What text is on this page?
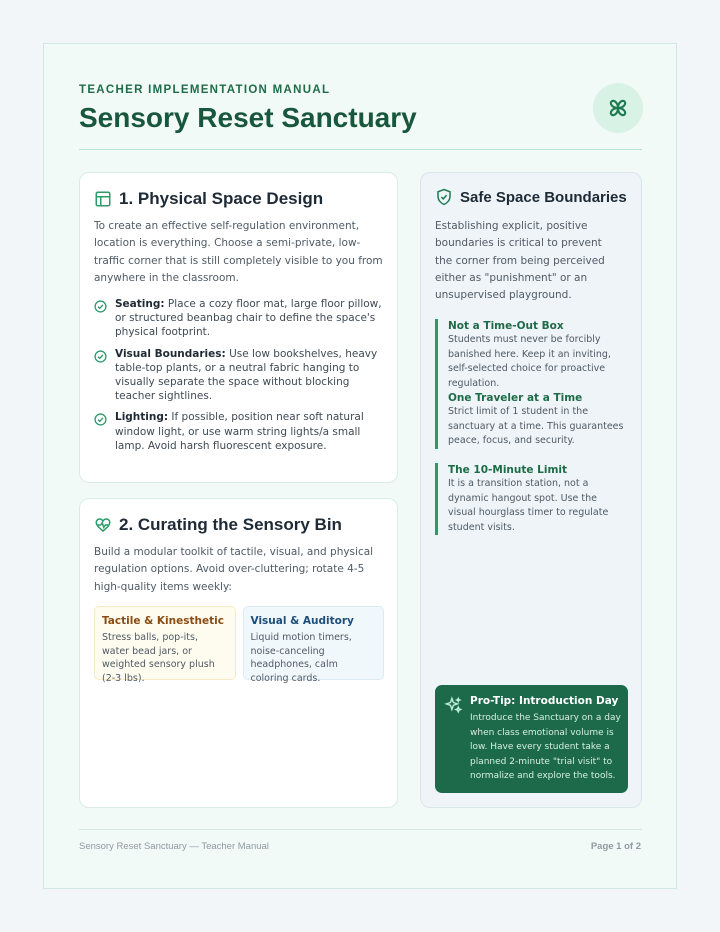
TEACHER IMPLEMENTATION MANUAL
Sensory Reset Sanctuary
1. Physical Space Design
To create an effective self-regulation environment, location is everything. Choose a semi-private, low-traffic corner that is still completely visible to you from anywhere in the classroom.
Seating: Place a cozy floor mat, large floor pillow, or structured beanbag chair to define the space's physical footprint.
Visual Boundaries: Use low bookshelves, heavy table-top plants, or a neutral fabric hanging to visually separate the space without blocking teacher sightlines.
Lighting: If possible, position near soft natural window light, or use warm string lights/a small lamp. Avoid harsh fluorescent exposure.
2. Curating the Sensory Bin
Build a modular toolkit of tactile, visual, and physical regulation options. Avoid over-cluttering; rotate 4-5 high-quality items weekly:
Tactile & Kinesthetic
Stress balls, pop-its, water bead jars, or weighted sensory plush (2-3 lbs).
Visual & Auditory
Liquid motion timers, noise-canceling headphones, calm coloring cards.
Safe Space Boundaries
Establishing explicit, positive boundaries is critical to prevent the corner from being perceived either as "punishment" or an unsupervised playground.
Not a Time-Out Box
Students must never be forcibly banished here. Keep it an inviting, self-selected choice for proactive regulation.
One Traveler at a Time
Strict limit of 1 student in the sanctuary at a time. This guarantees peace, focus, and security.
The 10-Minute Limit
It is a transition station, not a dynamic hangout spot. Use the visual hourglass timer to regulate student visits.
Pro-Tip: Introduction Day
Introduce the Sanctuary on a day when class emotional volume is low. Have every student take a planned 2-minute "trial visit" to normalize and explore the tools.
Sensory Reset Sanctuary — Teacher Manual	Page 1 of 2
